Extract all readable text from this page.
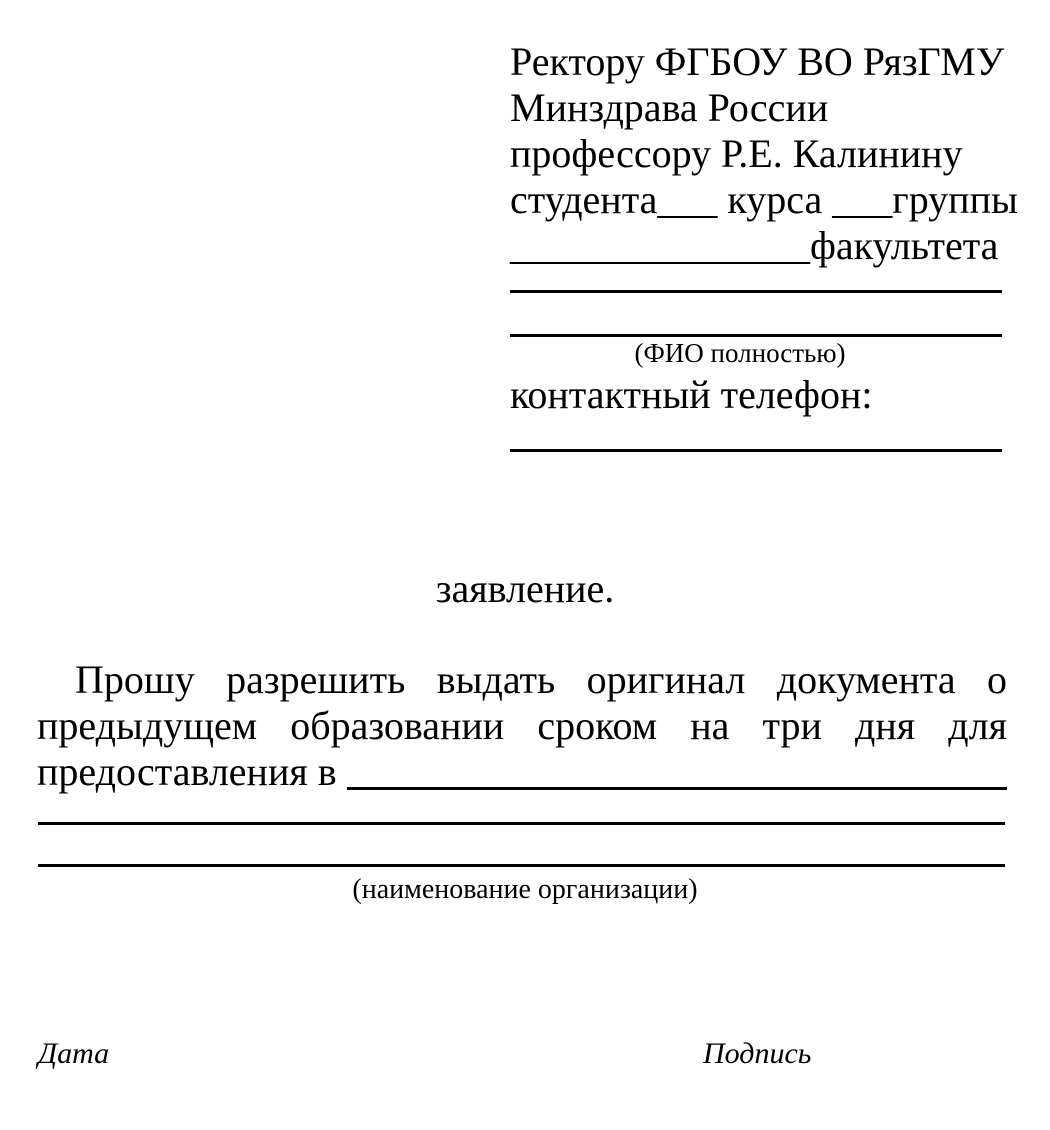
Ректору ФГБОУ ВО РязГМУ
Минздрава России
профессору Р.Е. Калинину
студента___ курса ___группы
_______________факультета
(ФИО полностью)
контактный телефон:
заявление.
Прошу разрешить выдать оригинал документа о
предыдущем образовании сроком на три дня для
предоставления в
(наименование организации)
Дата	Подпись
